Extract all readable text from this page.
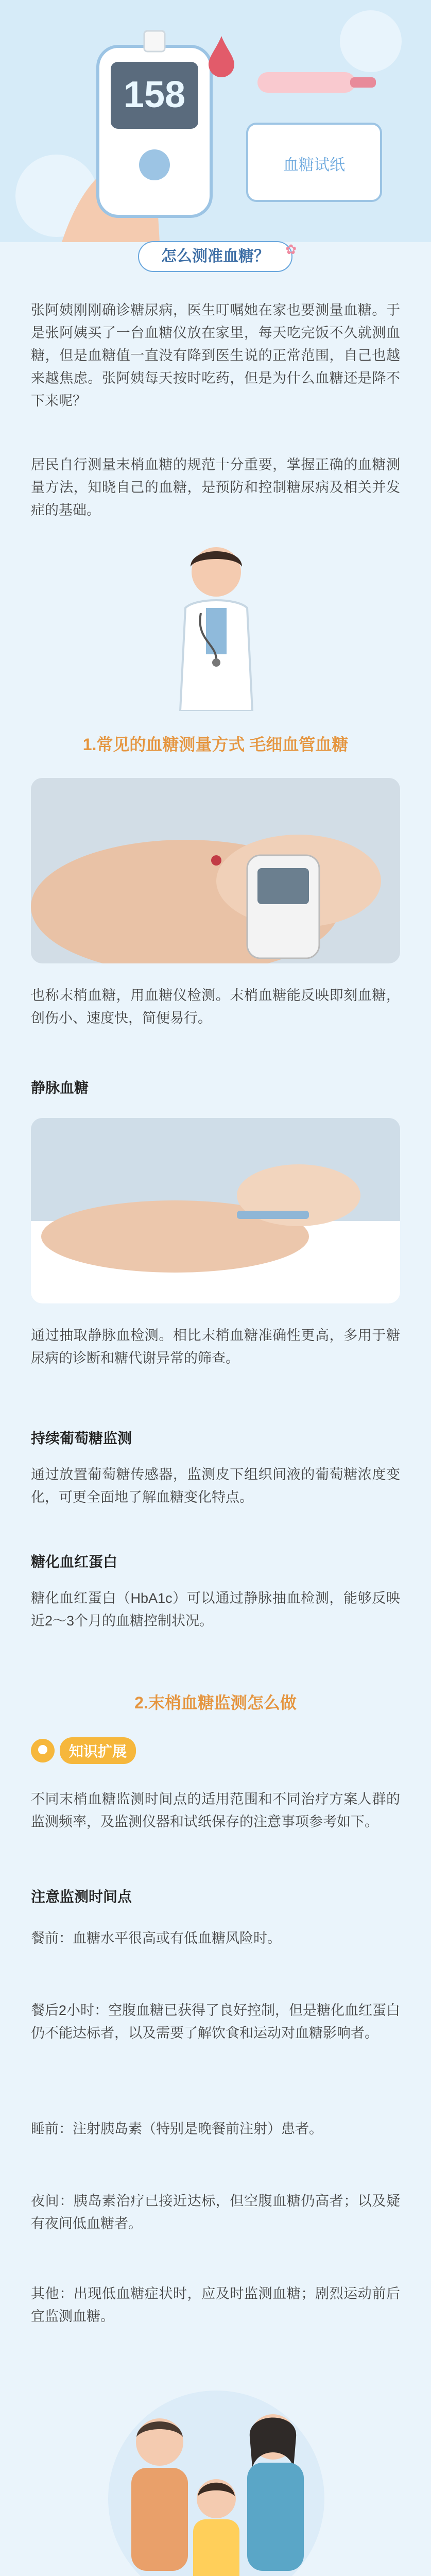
158
血糖试纸
怎么测准血糖？ ✿
张阿姨刚刚确诊糖尿病，医生叮嘱她在家也要测量血糖。于是张阿姨买了一台血糖仪放在家里，每天吃完饭不久就测血糖，但是血糖值一直没有降到医生说的正常范围，自己也越来越焦虑。张阿姨每天按时吃药，但是为什么血糖还是降不下来呢？
居民自行测量末梢血糖的规范十分重要，掌握正确的血糖测量方法，知晓自己的血糖，是预防和控制糖尿病及相关并发症的基础。
1.常见的血糖测量方式 毛细血管血糖
也称末梢血糖，用血糖仪检测。末梢血糖能反映即刻血糖，创伤小、速度快，简便易行。
静脉血糖
通过抽取静脉血检测。相比末梢血糖准确性更高，多用于糖尿病的诊断和糖代谢异常的筛查。
持续葡萄糖监测
通过放置葡萄糖传感器，监测皮下组织间液的葡萄糖浓度变化，可更全面地了解血糖变化特点。
糖化血红蛋白
糖化血红蛋白（HbA1c）可以通过静脉抽血检测，能够反映近2～3个月的血糖控制状况。
2.末梢血糖监测怎么做
知识扩展
不同末梢血糖监测时间点的适用范围和不同治疗方案人群的监测频率，及监测仪器和试纸保存的注意事项参考如下。
注意监测时间点
餐前：血糖水平很高或有低血糖风险时。
餐后2小时：空腹血糖已获得了良好控制，但是糖化血红蛋白仍不能达标者，以及需要了解饮食和运动对血糖影响者。
睡前：注射胰岛素（特别是晚餐前注射）患者。
夜间：胰岛素治疗已接近达标，但空腹血糖仍高者；以及疑有夜间低血糖者。
其他：出现低血糖症状时，应及时监测血糖；剧烈运动前后宜监测血糖。
